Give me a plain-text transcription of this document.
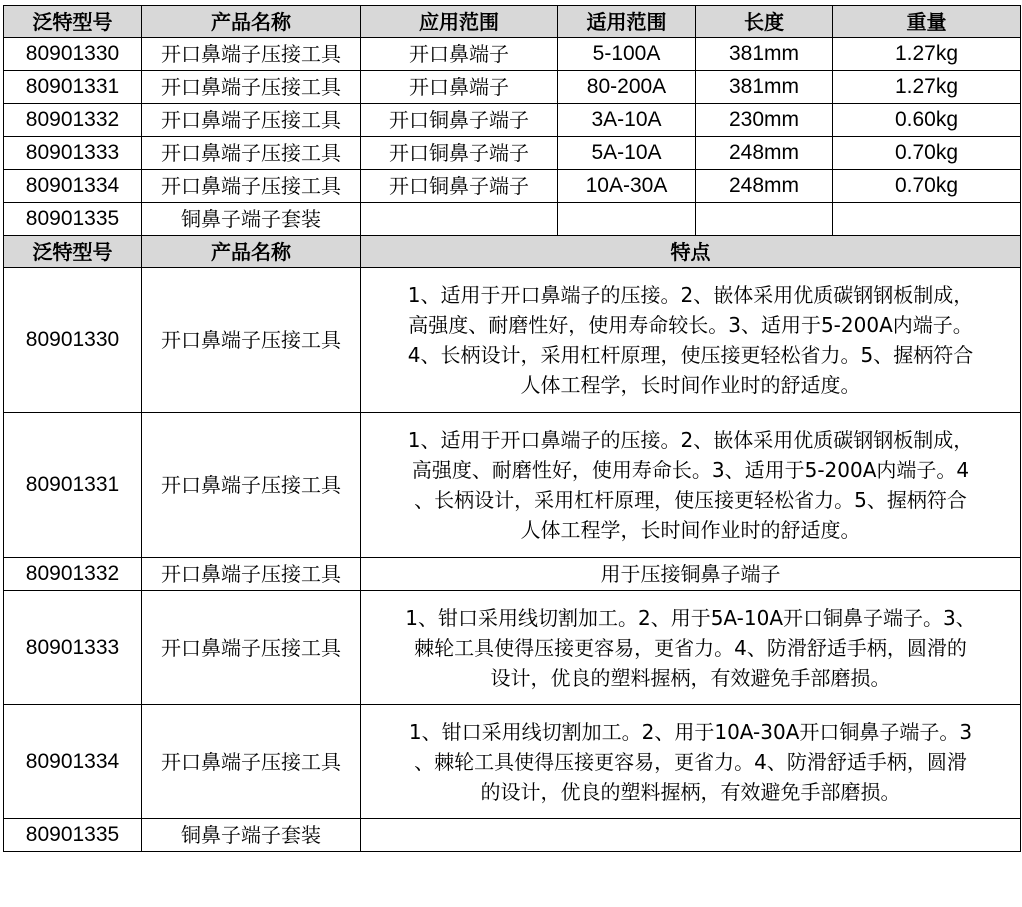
泛特型号	产品名称	应用范围	适用范围	长度	重量
80901330	开口鼻端子压接工具	开口鼻端子	5-100A	381mm	1.27kg
80901331	开口鼻端子压接工具	开口鼻端子	80-200A	381mm	1.27kg
80901332	开口鼻端子压接工具	开口铜鼻子端子	3A-10A	230mm	0.60kg
80901333	开口鼻端子压接工具	开口铜鼻子端子	5A-10A	248mm	0.70kg
80901334	开口鼻端子压接工具	开口铜鼻子端子	10A-30A	248mm	0.70kg
80901335	铜鼻子端子套装				
泛特型号	产品名称	特点			
80901330	开口鼻端子压接工具	1、适用于开口鼻端子的压接。2、嵌体采用优质碳钢钢板制成，
高强度、耐磨性好，使用寿命较长。3、适用于5-200A内端子。
4、长柄设计，采用杠杆原理，使压接更轻松省力。5、握柄符合
人体工程学，长时间作业时的舒适度。			

80901331	开口鼻端子压接工具	1、适用于开口鼻端子的压接。2、嵌体采用优质碳钢钢板制成，
高强度、耐磨性好，使用寿命长。3、适用于5-200A内端子。4
、长柄设计，采用杠杆原理，使压接更轻松省力。5、握柄符合
人体工程学，长时间作业时的舒适度。			

80901332	开口鼻端子压接工具	用于压接铜鼻子端子			

80901333	开口鼻端子压接工具	1、钳口采用线切割加工。2、用于5A-10A开口铜鼻子端子。3、
棘轮工具使得压接更容易，更省力。4、防滑舒适手柄，圆滑的
设计，优良的塑料握柄，有效避免手部磨损。			

80901334	开口鼻端子压接工具	1、钳口采用线切割加工。2、用于10A-30A开口铜鼻子端子。3
、棘轮工具使得压接更容易，更省力。4、防滑舒适手柄，圆滑
的设计，优良的塑料握柄，有效避免手部磨损。			

80901335	铜鼻子端子套装				
